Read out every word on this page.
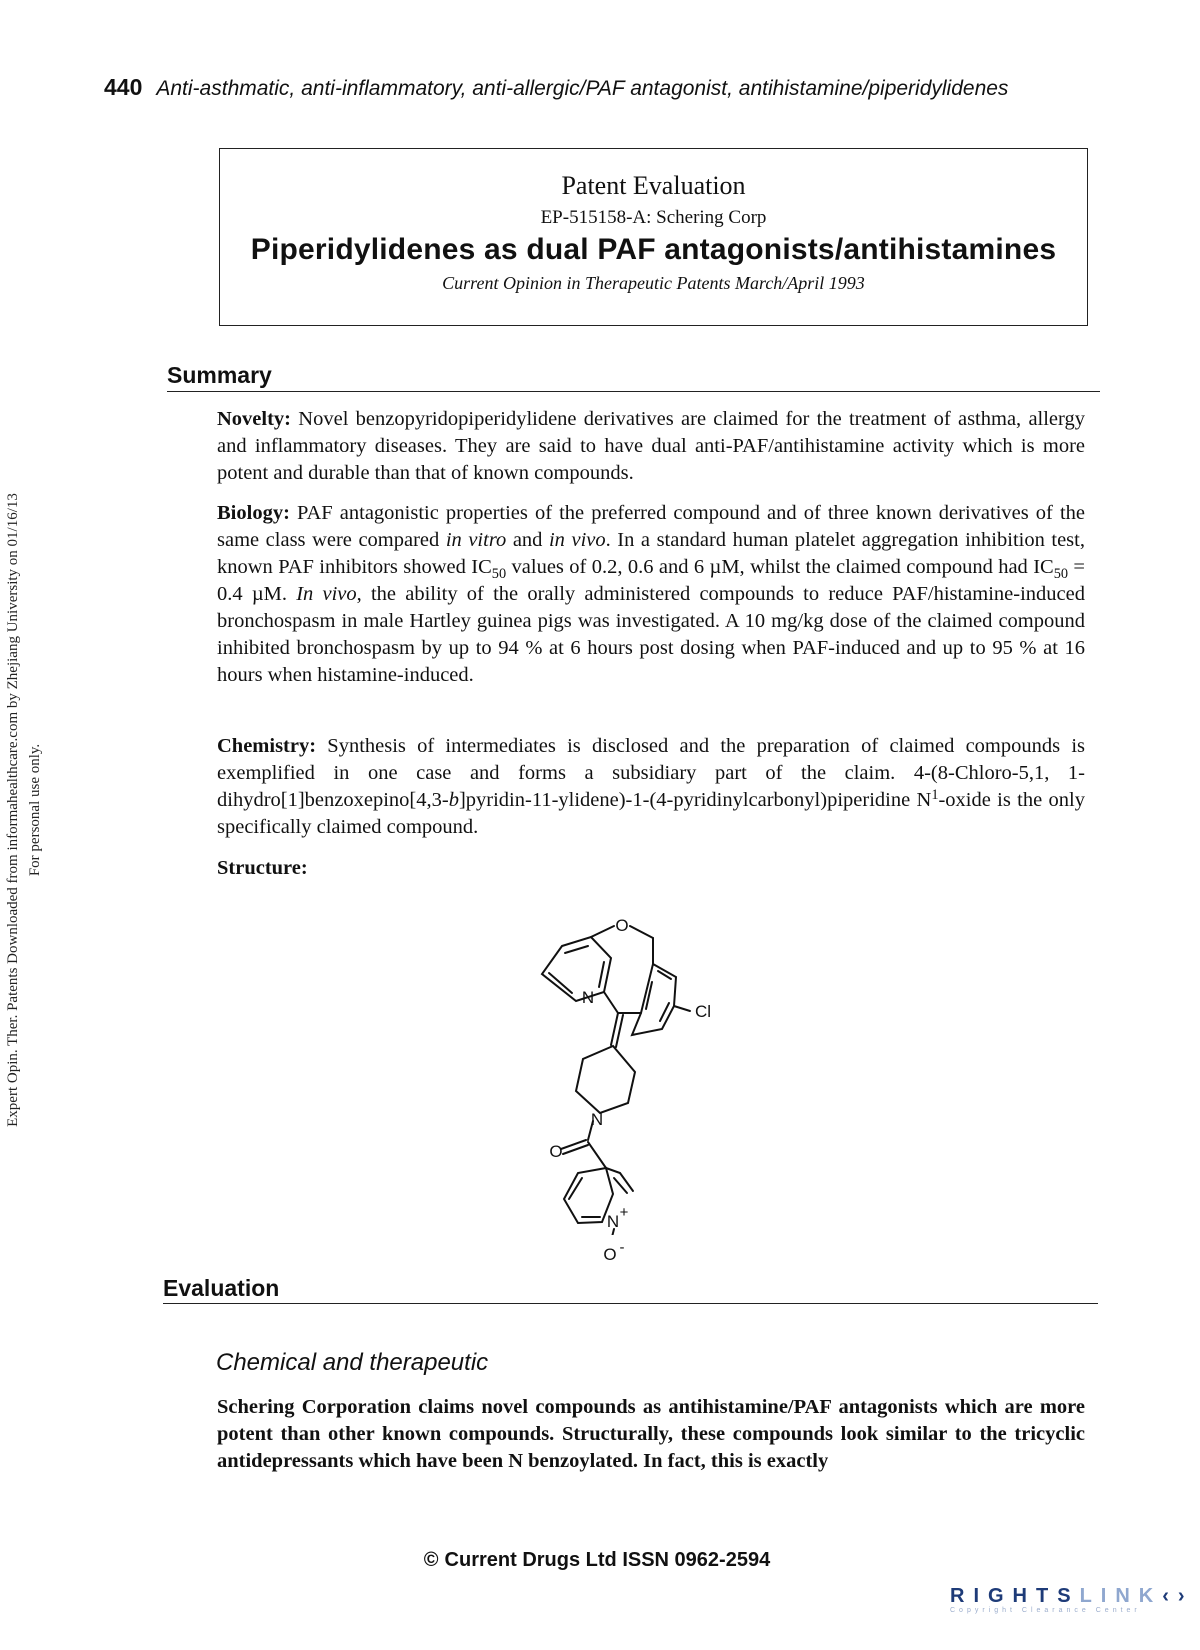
440 Anti-asthmatic, anti-inflammatory, anti-allergic/PAF antagonist, antihistamine/piperidylidenes
Expert Opin. Ther. Patents Downloaded from informahealthcare.com by Zhejiang University on 01/16/13 For personal use only.
Patent Evaluation
EP-515158-A: Schering Corp
Piperidylidenes as dual PAF antagonists/antihistamines
Current Opinion in Therapeutic Patents March/April 1993
Summary

Novelty: Novel benzopyridopiperidylidene derivatives are claimed for the treatment of asthma, allergy and inflammatory diseases. They are said to have dual anti-PAF/antihistamine activity which is more potent and durable than that of known compounds.

Biology: PAF antagonistic properties of the preferred compound and of three known derivatives of the same class were compared in vitro and in vivo. In a standard human platelet aggregation inhibition test, known PAF inhibitors showed $IC_{50}$ values of 0.2, 0.6 and 6 µM, whilst the claimed compound had $IC_{50} = 0.4$ µM. In vivo, the ability of the orally administered compounds to reduce PAF/histamine-induced bronchospasm in male Hartley guinea pigs was investigated. A 10 mg/kg dose of the claimed compound inhibited bronchospasm by up to 94 % at 6 hours post dosing when PAF-induced and up to 95 % at 16 hours when histamine-induced.

Chemistry: Synthesis of intermediates is disclosed and the preparation of claimed compounds is exemplified in one case and forms a subsidiary part of the claim. 4-(8-Chloro-5,1, 1-dihydro[1]benzoxepino[4,3-b]pyridin-11-ylidene)-1-(4-pyridinylcarbonyl)piperidine $N^1$-oxide is the only specifically claimed compound.

Structure:

O
N
Cl
N
O
N +
Evaluation
Chemical and therapeutic

Schering Corporation claims novel compounds as antihistamine/PAF antagonists which are more potent than other known compounds. Structurally, these compounds look similar to the tricyclic antidepressants which have been N benzoylated. In fact, this is exactly

© Current Drugs Ltd ISSN 0962-2594
RIGHTSLINK‹›
Copyright Clearance Center
O -
